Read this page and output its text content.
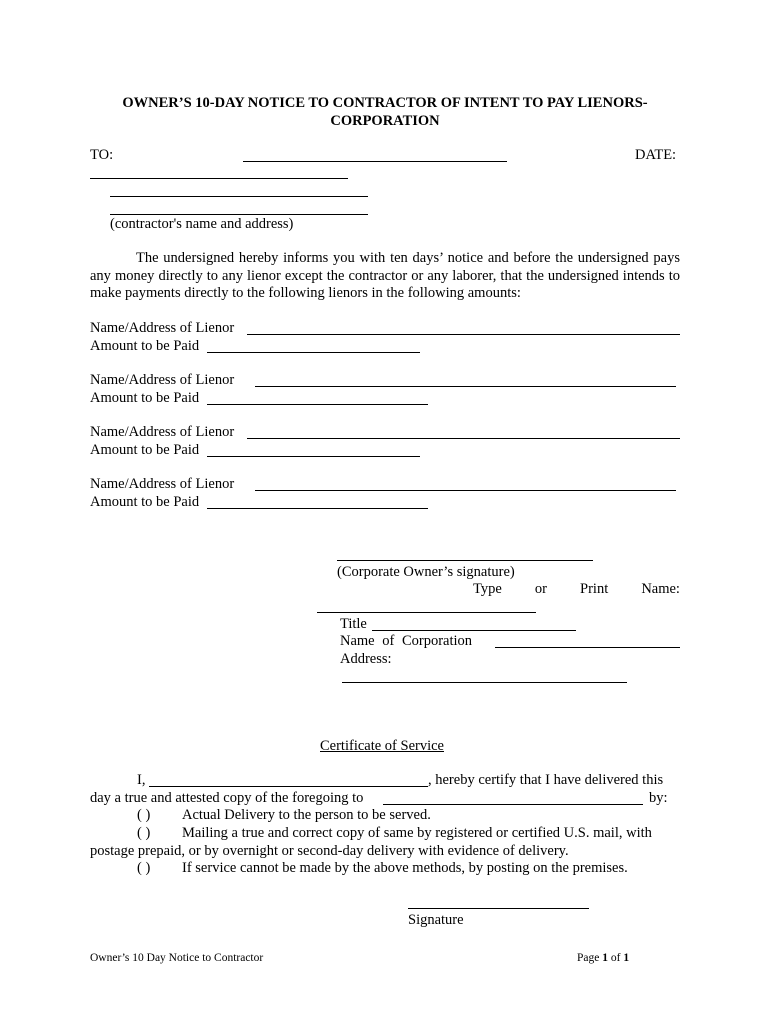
OWNER’S 10-DAY NOTICE TO CONTRACTOR OF INTENT TO PAY LIENORS-
CORPORATION
TO:	DATE:
(contractor's name and address)
The undersigned hereby informs you with ten days’ notice and before the undersigned pays any money directly to any lienor except the contractor or any laborer, that the undersigned intends to make payments directly to the following lienors in the following amounts:
Name/Address of Lienor
Amount to be Paid
Name/Address of Lienor
Amount to be Paid
Name/Address of Lienor
Amount to be Paid
Name/Address of Lienor
Amount to be Paid
(Corporate Owner’s signature)
Type or Print Name:
Title
Name of Corporation
Address:
Certificate of Service
I,	, hereby certify that I have delivered this
day a true and attested copy of the foregoing to	by:
( ) Actual Delivery to the person to be served.
( ) Mailing a true and correct copy of same by registered or certified U.S. mail, with
postage prepaid, or by overnight or second-day delivery with evidence of delivery.
( ) If service cannot be made by the above methods, by posting on the premises.
Signature
Owner’s 10 Day Notice to Contractor	Page 1 of 1
